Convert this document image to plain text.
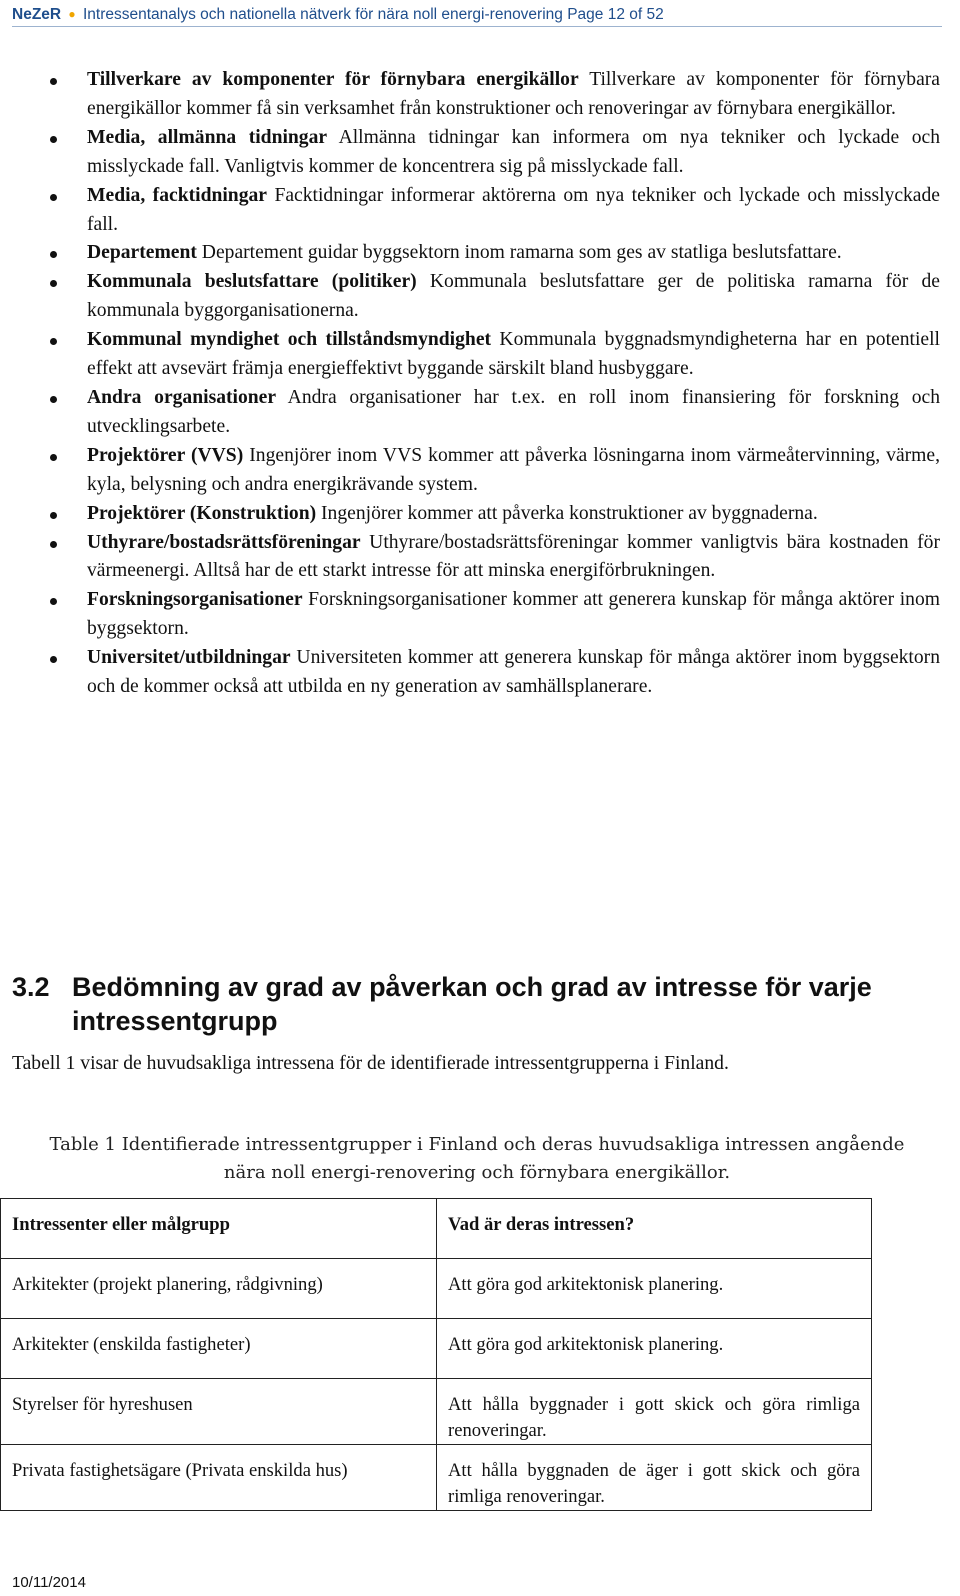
NeZeR ● Intressentanalys och nationella nätverk för nära noll energi-renovering Page 12 of 52
Tillverkare av komponenter för förnybara energikällor Tillverkare av komponenter för förnybara energikällor kommer få sin verksamhet från konstruktioner och renoveringar av förnybara energikällor.
Media, allmänna tidningar Allmänna tidningar kan informera om nya tekniker och lyckade och misslyckade fall. Vanligtvis kommer de koncentrera sig på misslyckade fall.
Media, facktidningar Facktidningar informerar aktörerna om nya tekniker och lyckade och misslyckade fall.
Departement Departement guidar byggsektorn inom ramarna som ges av statliga beslutsfattare.
Kommunala beslutsfattare (politiker) Kommunala beslutsfattare ger de politiska ramarna för de kommunala byggorganisationerna.
Kommunal myndighet och tillståndsmyndighet Kommunala byggnadsmyndigheterna har en potentiell effekt att avsevärt främja energieffektivt byggande särskilt bland husbyggare.
Andra organisationer Andra organisationer har t.ex. en roll inom finansiering för forskning och utvecklingsarbete.
Projektörer (VVS) Ingenjörer inom VVS kommer att påverka lösningarna inom värmeåtervinning, värme, kyla, belysning och andra energikrävande system.
Projektörer (Konstruktion) Ingenjörer kommer att påverka konstruktioner av byggnaderna.
Uthyrare/bostadsrättsföreningar Uthyrare/bostadsrättsföreningar kommer vanligtvis bära kostnaden för värmeenergi. Alltså har de ett starkt intresse för att minska energiförbrukningen.
Forskningsorganisationer Forskningsorganisationer kommer att generera kunskap för många aktörer inom byggsektorn.
Universitet/utbildningar Universiteten kommer att generera kunskap för många aktörer inom byggsektorn och de kommer också att utbilda en ny generation av samhällsplanerare.
3.2 Bedömning av grad av påverkan och grad av intresse för varje intressentgrupp

Tabell 1 visar de huvudsakliga intressena för de identifierade intressentgrupperna i Finland.

Table 1 Identifierade intressentgrupper i Finland och deras huvudsakliga intressen angående
nära noll energi-renovering och förnybara energikällor.
Intressenter eller målgrupp	Vad är deras intressen?
Arkitekter (projekt planering, rådgivning)	Att göra god arkitektonisk planering.
Arkitekter (enskilda fastigheter)	Att göra god arkitektonisk planering.
Styrelser för hyreshusen	Att hålla byggnader i gott skick och göra rimliga renoveringar.
Privata fastighetsägare (Privata enskilda hus)	Att hålla byggnaden de äger i gott skick och göra rimliga renoveringar.
10/11/2014
